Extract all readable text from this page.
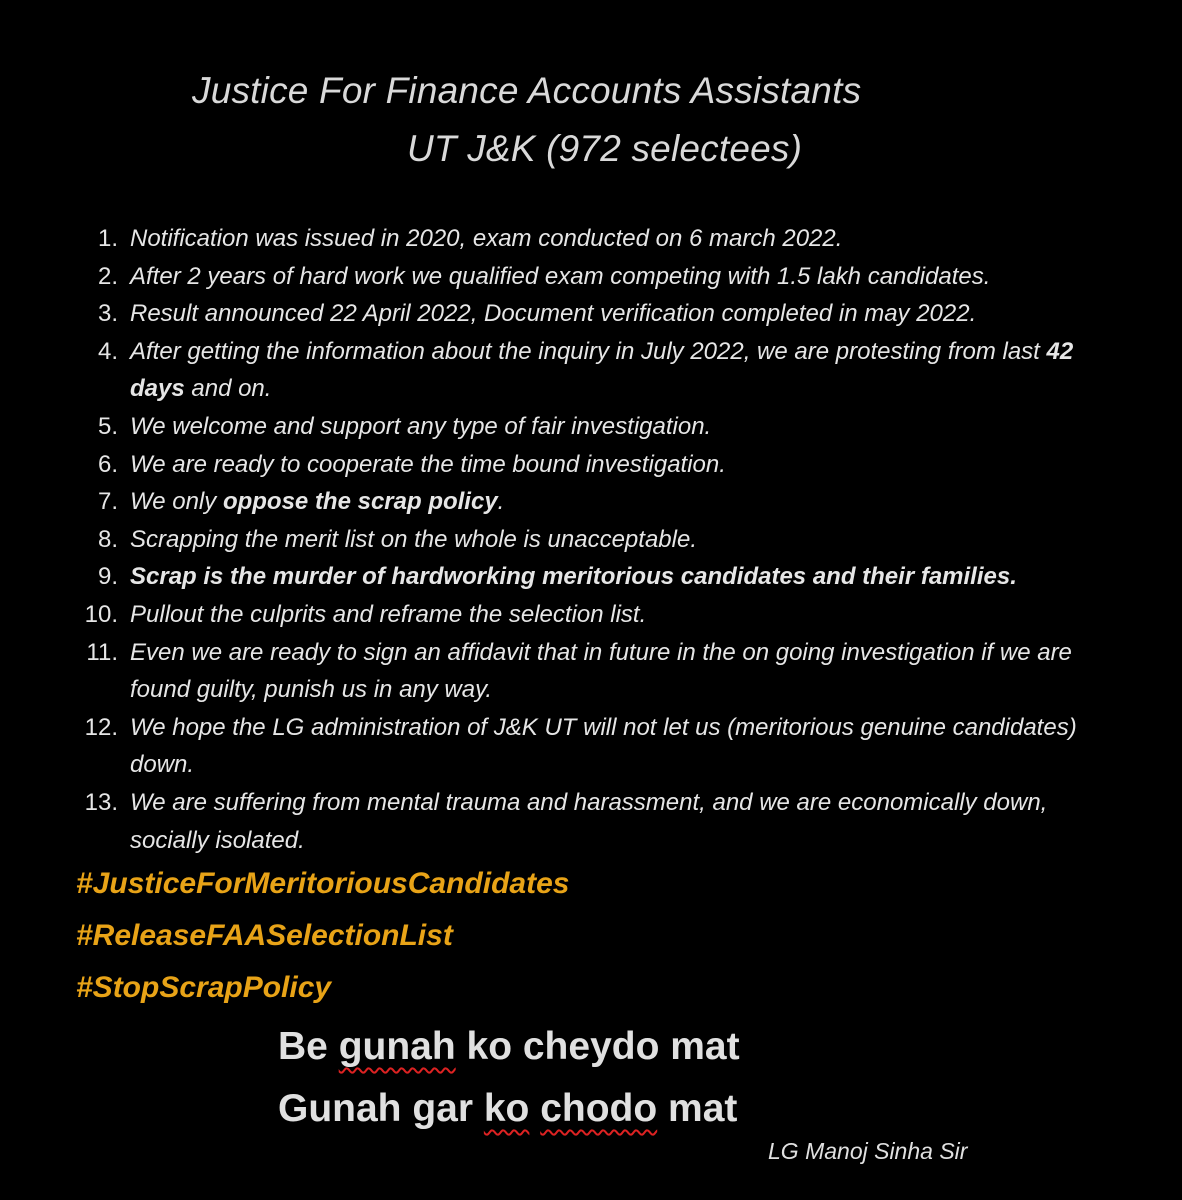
Justice For Finance Accounts Assistants
UT J&K (972 selectees)
1. Notification was issued in 2020, exam conducted on 6 march 2022.
2. After 2 years of hard work we qualified exam competing with 1.5 lakh candidates.
3. Result announced 22 April 2022, Document verification completed in may 2022.
4. After getting the information about the inquiry in July 2022, we are protesting from last 42 days and on.
5. We welcome and support any type of fair investigation.
6. We are ready to cooperate the time bound investigation.
7. We only oppose the scrap policy.
8. Scrapping the merit list on the whole is unacceptable.
9. Scrap is the murder of hardworking meritorious candidates and their families.
10. Pullout the culprits and reframe the selection list.
11. Even we are ready to sign an affidavit that in future in the on going investigation if we are found guilty, punish us in any way.
12. We hope the LG administration of J&K UT will not let us (meritorious genuine candidates) down.
13. We are suffering from mental trauma and harassment, and we are economically down, socially isolated.
#JusticeForMeritoriousCandidates
#ReleaseFAASelectionList
#StopScrapPolicy
Be gunah ko cheydo mat
Gunah gar ko chodo mat
LG Manoj Sinha Sir
